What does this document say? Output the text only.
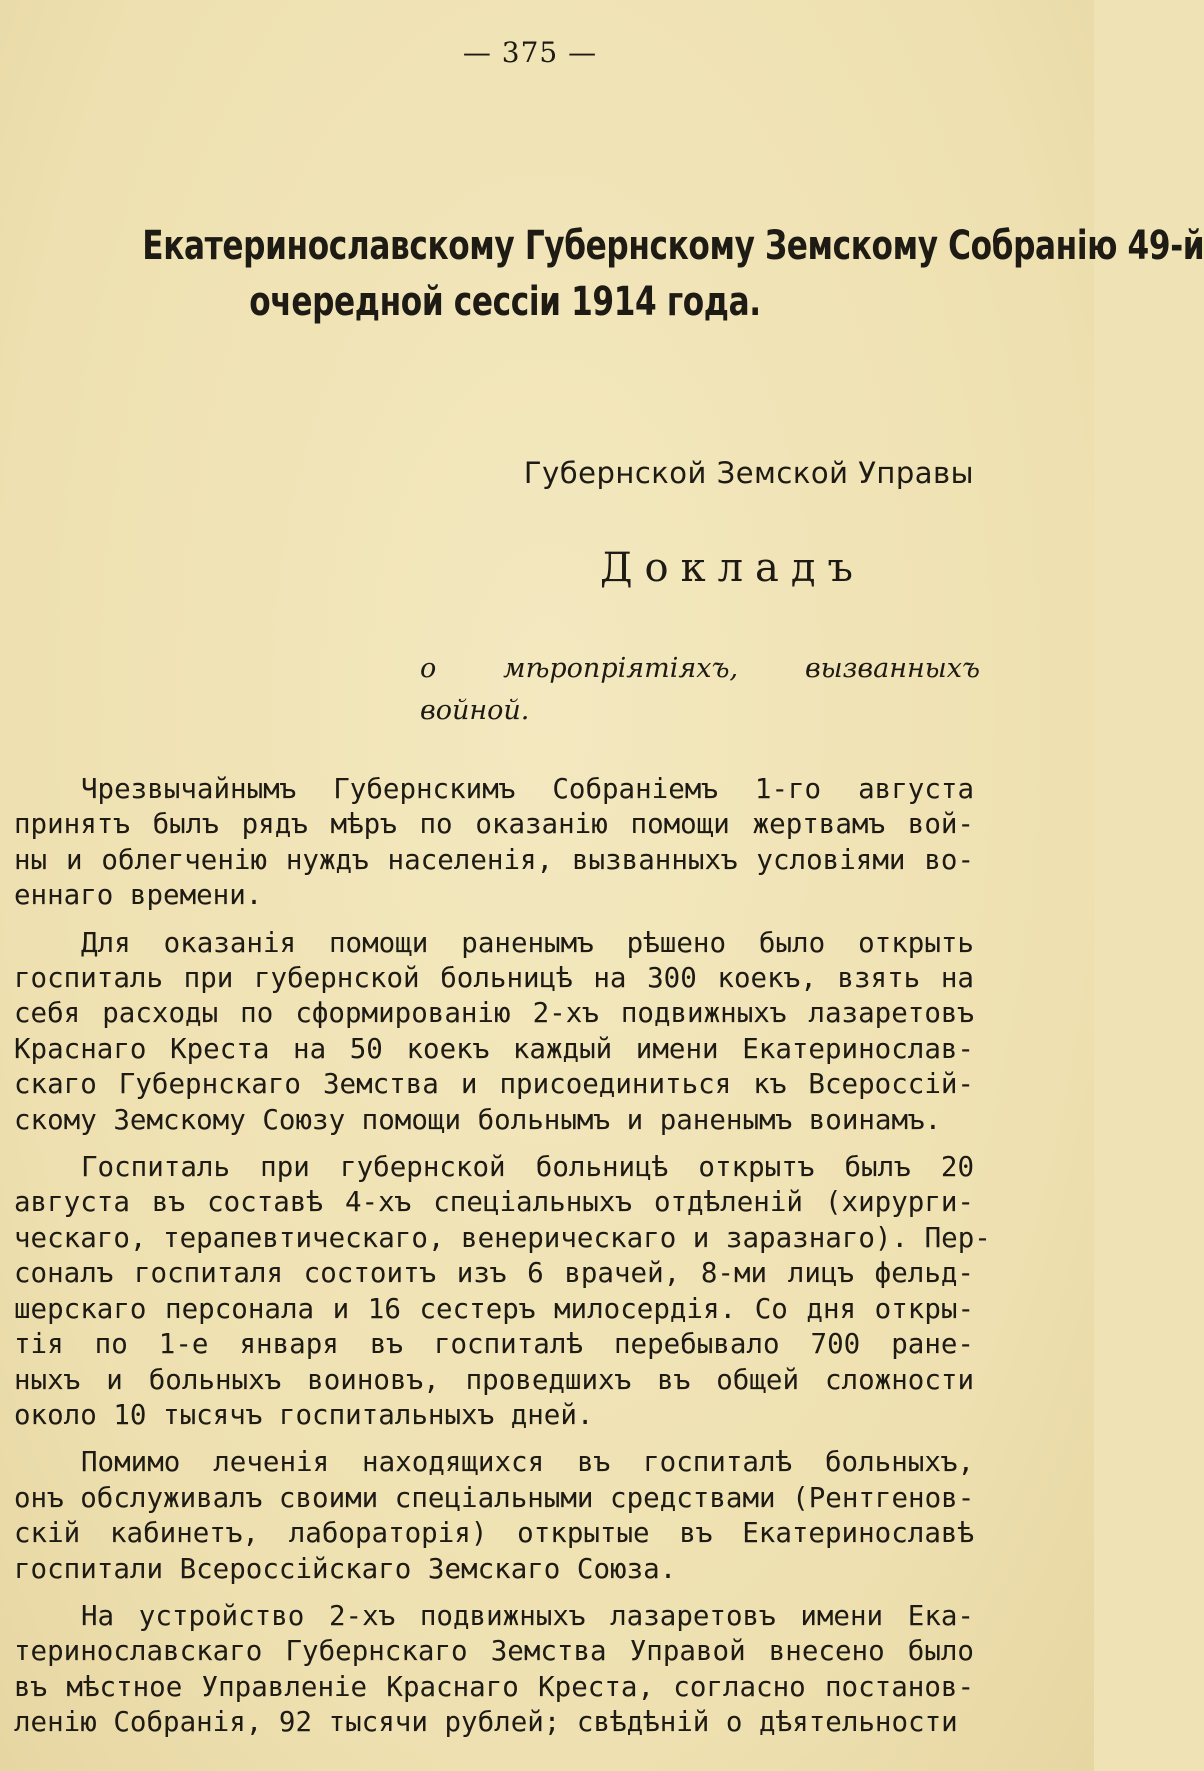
— 375 —
Екатеринославскому Губернскому Земскому Собранію 49-й
очередной сессіи 1914 года.
Губернской Земской Управы
Докладъ
о мѣропріятіяхъ, вызванныхъ
войной.
Чрезвычайнымъ Губернскимъ Собраніемъ 1-го августа
принятъ былъ рядъ мѣръ по оказанію помощи жертвамъ вой-
ны и облегченію нуждъ населенія, вызванныхъ условіями во-
еннаго времени.
Для оказанія помощи раненымъ рѣшено было открыть
госпиталь при губернской больницѣ на 300 коекъ, взять на
себя расходы по сформированію 2-хъ подвижныхъ лазаретовъ
Краснаго Креста на 50 коекъ каждый имени Екатеринослав-
скаго Губернскаго Земства и присоединиться къ Всероссій-
скому Земскому Союзу помощи больнымъ и раненымъ воинамъ.
Госпиталь при губернской больницѣ открытъ былъ 20
августа въ составѣ 4-хъ спеціальныхъ отдѣленій (хирурги-
ческаго, терапевтическаго, венерическаго и заразнаго). Пер-
соналъ госпиталя состоитъ изъ 6 врачей, 8-ми лицъ фельд-
шерскаго персонала и 16 сестеръ милосердія. Со дня откры-
тія по 1-е января въ госпиталѣ перебывало 700 ране-
ныхъ и больныхъ воиновъ, проведшихъ въ общей сложности
около 10 тысячъ госпитальныхъ дней.
Помимо леченія находящихся въ госпиталѣ больныхъ,
онъ обслуживалъ своими спеціальными средствами (Рентгенов-
скій кабинетъ, лабораторія) открытые въ Екатеринославѣ
госпитали Всероссійскаго Земскаго Союза.
На устройство 2-хъ подвижныхъ лазаретовъ имени Ека-
теринославскаго Губернскаго Земства Управой внесено было
въ мѣстное Управленіе Краснаго Креста, согласно постанов-
ленію Собранія, 92 тысячи рублей; свѣдѣній о дѣятельности
